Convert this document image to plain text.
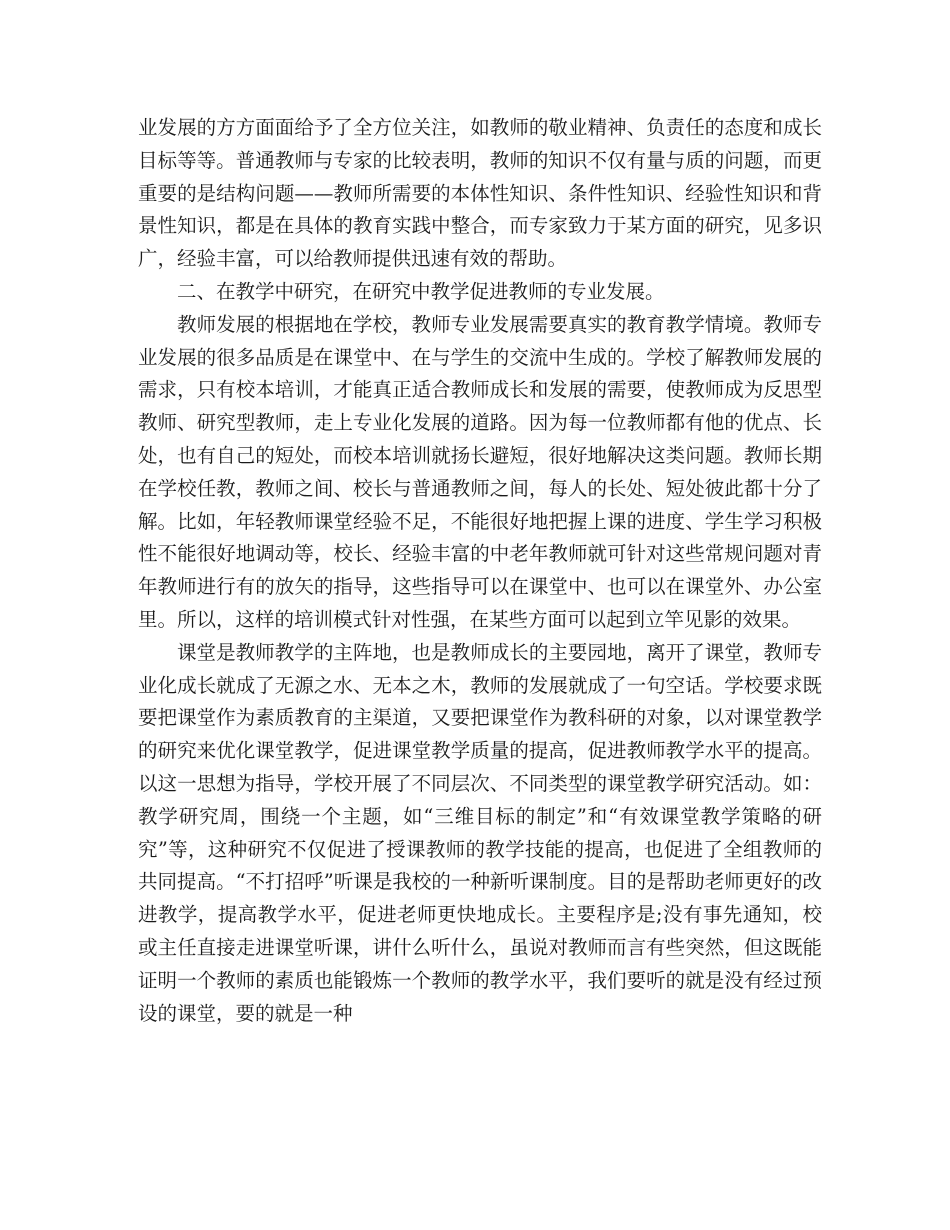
业发展的方方面面给予了全方位关注，如教师的敬业精神、负责任的态度和成长目标等等。普通教师与专家的比较表明，教师的知识不仅有量与质的问题，而更重要的是结构问题——教师所需要的本体性知识、条件性知识、经验性知识和背景性知识，都是在具体的教育实践中整合，而专家致力于某方面的研究，见多识广，经验丰富，可以给教师提供迅速有效的帮助。

二、在教学中研究，在研究中教学促进教师的专业发展。

教师发展的根据地在学校，教师专业发展需要真实的教育教学情境。教师专业发展的很多品质是在课堂中、在与学生的交流中生成的。学校了解教师发展的需求，只有校本培训，才能真正适合教师成长和发展的需要，使教师成为反思型教师、研究型教师，走上专业化发展的道路。因为每一位教师都有他的优点、长处，也有自己的短处，而校本培训就扬长避短，很好地解决这类问题。教师长期在学校任教，教师之间、校长与普通教师之间，每人的长处、短处彼此都十分了解。比如，年轻教师课堂经验不足，不能很好地把握上课的进度、学生学习积极性不能很好地调动等，校长、经验丰富的中老年教师就可针对这些常规问题对青年教师进行有的放矢的指导，这些指导可以在课堂中、也可以在课堂外、办公室里。所以，这样的培训模式针对性强，在某些方面可以起到立竿见影的效果。

课堂是教师教学的主阵地，也是教师成长的主要园地，离开了课堂，教师专业化成长就成了无源之水、无本之木，教师的发展就成了一句空话。学校要求既要把课堂作为素质教育的主渠道，又要把课堂作为教科研的对象，以对课堂教学的研究来优化课堂教学，促进课堂教学质量的提高，促进教师教学水平的提高。以这一思想为指导，学校开展了不同层次、不同类型的课堂教学研究活动。如：教学研究周，围绕一个主题，如“三维目标的制定”和“有效课堂教学策略的研究”等，这种研究不仅促进了授课教师的教学技能的提高，也促进了全组教师的共同提高。“不打招呼”听课是我校的一种新听课制度。目的是帮助老师更好的改进教学，提高教学水平，促进老师更快地成长。主要程序是;没有事先通知，校或主任直接走进课堂听课，讲什么听什么，虽说对教师而言有些突然，但这既能证明一个教师的素质也能锻炼一个教师的教学水平，我们要听的就是没有经过预设的课堂，要的就是一种
